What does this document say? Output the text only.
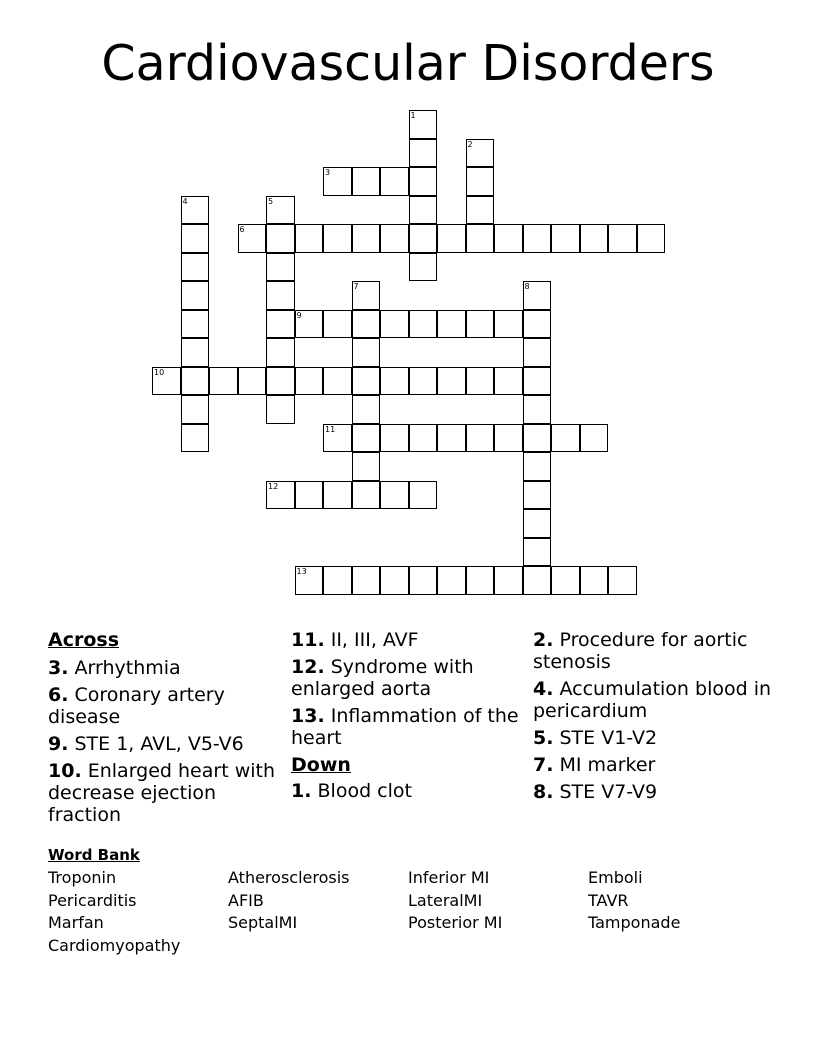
Cardiovascular Disorders
1
2
3
4	5
6
7	8
9
10
11
12
13
Across
3. Arrhythmia
6. Coronary artery disease
9. STE 1, AVL, V5-V6
10. Enlarged heart with decrease ejection fraction
11. II, III, AVF
12. Syndrome with enlarged aorta
13. Inflammation of the heart
Down
1. Blood clot
2. Procedure for aortic stenosis
4. Accumulation blood in pericardium
5. STE V1-V2
7. MI marker
8. STE V7-V9
Word Bank
Troponin	Atherosclerosis	Inferior MI	Emboli
Pericarditis	AFIB	LateralMI	TAVR
Marfan	SeptalMI	Posterior MI	Tamponade
Cardiomyopathy
